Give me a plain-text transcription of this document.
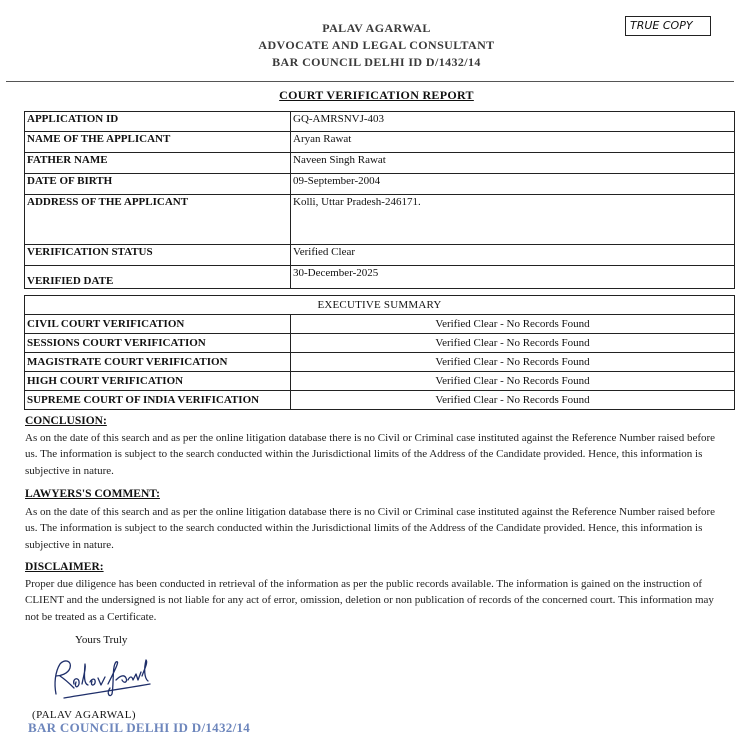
PALAV AGARWAL
ADVOCATE AND LEGAL CONSULTANT
BAR COUNCIL DELHI ID D/1432/14
TRUE COPY
COURT VERIFICATION REPORT
APPLICATION ID	GQ-AMRSNVJ-403
NAME OF THE APPLICANT	Aryan Rawat
FATHER NAME	Naveen Singh Rawat
DATE OF BIRTH	09-September-2004
ADDRESS OF THE APPLICANT	Kolli, Uttar Pradesh-246171.
VERIFICATION STATUS	Verified Clear
VERIFIED DATE	30-December-2025
EXECUTIVE SUMMARY	
CIVIL COURT VERIFICATION	Verified Clear - No Records Found
SESSIONS COURT VERIFICATION	Verified Clear - No Records Found
MAGISTRATE COURT VERIFICATION	Verified Clear - No Records Found
HIGH COURT VERIFICATION	Verified Clear - No Records Found
SUPREME COURT OF INDIA VERIFICATION	Verified Clear - No Records Found
CONCLUSION:
As on the date of this search and as per the online litigation database there is no Civil or Criminal case instituted against the Reference Number raised before us. The information is subject to the search conducted within the Jurisdictional limits of the Address of the Candidate provided. Hence, this information is subjective in nature.
LAWYERS'S COMMENT:
As on the date of this search and as per the online litigation database there is no Civil or Criminal case instituted against the Reference Number raised before us. The information is subject to the search conducted within the Jurisdictional limits of the Address of the Candidate provided. Hence, this information is subjective in nature.
DISCLAIMER:
Proper due diligence has been conducted in retrieval of the information as per the public records available. The information is gained on the instruction of CLIENT and the undersigned is not liable for any act of error, omission, deletion or non publication of records of the concerned court. This information may not be treated as a Certificate.
Yours Truly
(PALAV AGARWAL)
BAR COUNCIL DELHI ID D/1432/14
